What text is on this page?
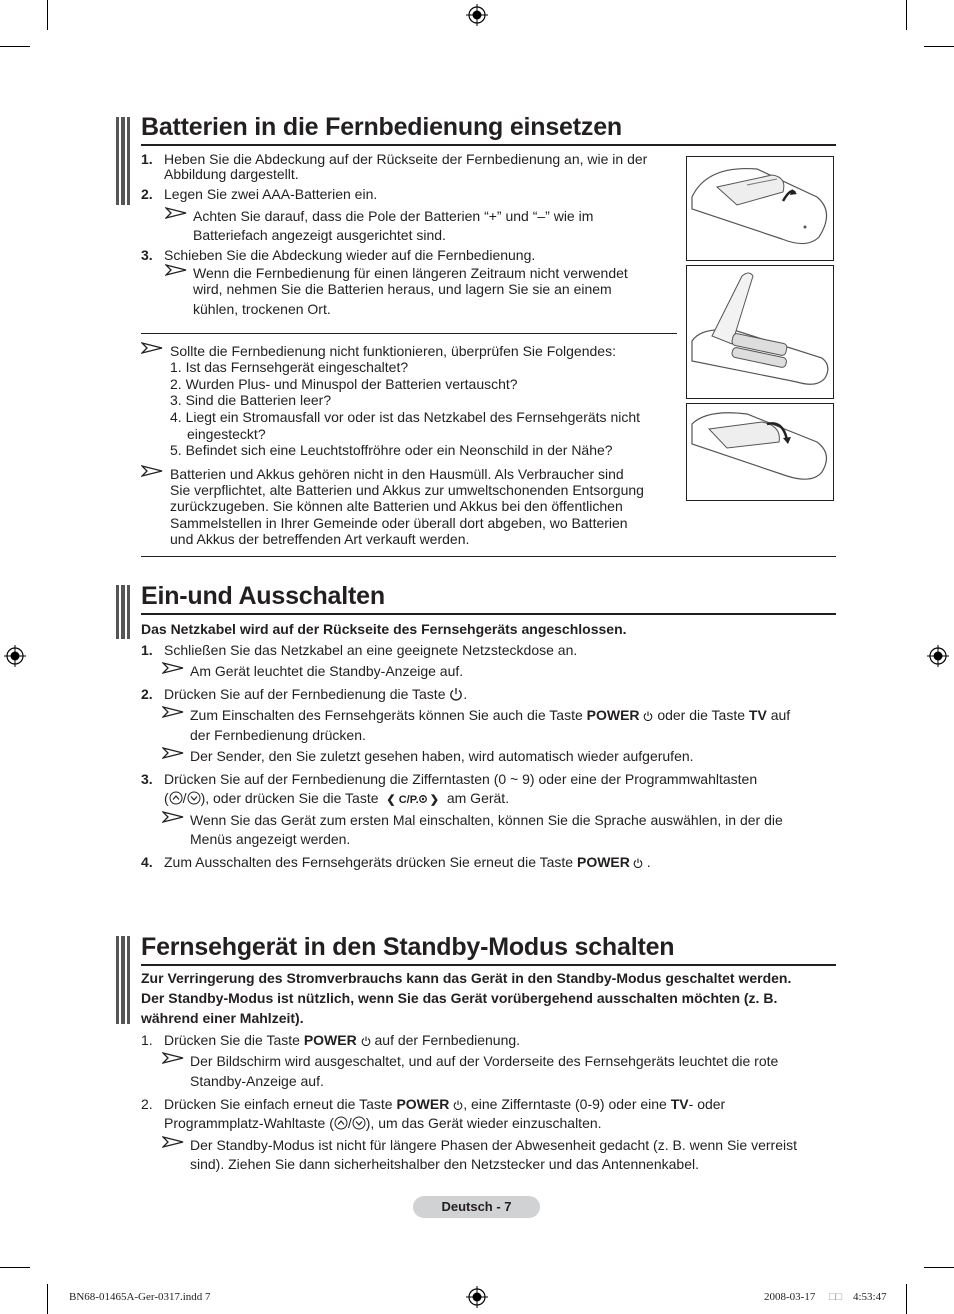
Batterien in die Fernbedienung einsetzen
1. Heben Sie die Abdeckung auf der Rückseite der Fernbedienung an, wie in der
Abbildung dargestellt.
2. Legen Sie zwei AAA-Batterien ein.
Achten Sie darauf, dass die Pole der Batterien “+” und “–” wie im
Batteriefach angezeigt ausgerichtet sind.
3. Schieben Sie die Abdeckung wieder auf die Fernbedienung.
Wenn die Fernbedienung für einen längeren Zeitraum nicht verwendet
wird, nehmen Sie die Batterien heraus, und lagern Sie sie an einem
kühlen, trockenen Ort.
Sollte die Fernbedienung nicht funktionieren, überprüfen Sie Folgendes:
1. Ist das Fernsehgerät eingeschaltet?
2. Wurden Plus- und Minuspol der Batterien vertauscht?
3. Sind die Batterien leer?
4. Liegt ein Stromausfall vor oder ist das Netzkabel des Fernsehgeräts nicht
eingesteckt?
5. Befindet sich eine Leuchtstoffröhre oder ein Neonschild in der Nähe?
Batterien und Akkus gehören nicht in den Hausmüll. Als Verbraucher sind
Sie verpflichtet, alte Batterien und Akkus zur umweltschonenden Entsorgung
zurückzugeben. Sie können alte Batterien und Akkus bei den öffentlichen
Sammelstellen in Ihrer Gemeinde oder überall dort abgeben, wo Batterien
und Akkus der betreffenden Art verkauft werden.
Ein-und Ausschalten
Das Netzkabel wird auf der Rückseite des Fernsehgeräts angeschlossen.
1. Schließen Sie das Netzkabel an eine geeignete Netzsteckdose an.
Am Gerät leuchtet die Standby-Anzeige auf.
2. Drücken Sie auf der Fernbedienung die Taste .
Zum Einschalten des Fernsehgeräts können Sie auch die Taste POWER oder die Taste TV auf
der Fernbedienung drücken.
Der Sender, den Sie zuletzt gesehen haben, wird automatisch wieder aufgerufen.
3. Drücken Sie auf der Fernbedienung die Zifferntasten (0 ~ 9) oder eine der Programmwahltasten
( / ), oder drücken Sie die Taste ❮ C/P. ❯ am Gerät.
Wenn Sie das Gerät zum ersten Mal einschalten, können Sie die Sprache auswählen, in der die
Menüs angezeigt werden.
4. Zum Ausschalten des Fernsehgeräts drücken Sie erneut die Taste POWER .
Fernsehgerät in den Standby-Modus schalten
Zur Verringerung des Stromverbrauchs kann das Gerät in den Standby-Modus geschaltet werden.
Der Standby-Modus ist nützlich, wenn Sie das Gerät vorübergehend ausschalten möchten (z. B.
während einer Mahlzeit).
1. Drücken Sie die Taste POWER auf der Fernbedienung.
Der Bildschirm wird ausgeschaltet, und auf der Vorderseite des Fernsehgeräts leuchtet die rote
Standby-Anzeige auf.
2. Drücken Sie einfach erneut die Taste POWER , eine Zifferntaste (0-9) oder eine TV- oder
Programmplatz-Wahltaste ( / ), um das Gerät wieder einzuschalten.
Der Standby-Modus ist nicht für längere Phasen der Abwesenheit gedacht (z. B. wenn Sie verreist
sind). Ziehen Sie dann sicherheitshalber den Netzstecker und das Antennenkabel.
Deutsch - 7
BN68-01465A-Ger-0317.indd 7	2008-03-17 □□ 4:53:47
